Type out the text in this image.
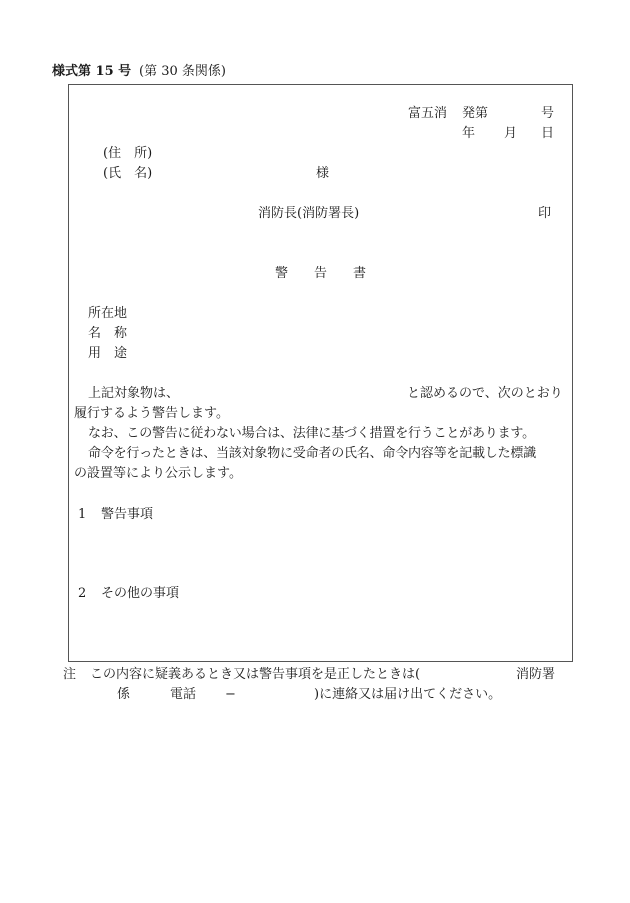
様式第 15 号 (第 30 条関係)
富五消 発第	号
年 月 日
(住　所)
(氏　名)	様
消防長(消防署長)	印
警　　告　　書
所在地
名　称
用　途
上記対象物は、	と認めるので、次のとおり
履行するよう警告します。
なお、この警告に従わない場合は、法律に基づく措置を行うことがあります。
命令を行ったときは、当該対象物に受命者の氏名、命令内容等を記載した標識
の設置等により公示します。
1 警告事項
2 その他の事項
注 この内容に疑義あるとき又は警告事項を是正したときは(	消防署
係	電話 −	)に連絡又は届け出てください。
